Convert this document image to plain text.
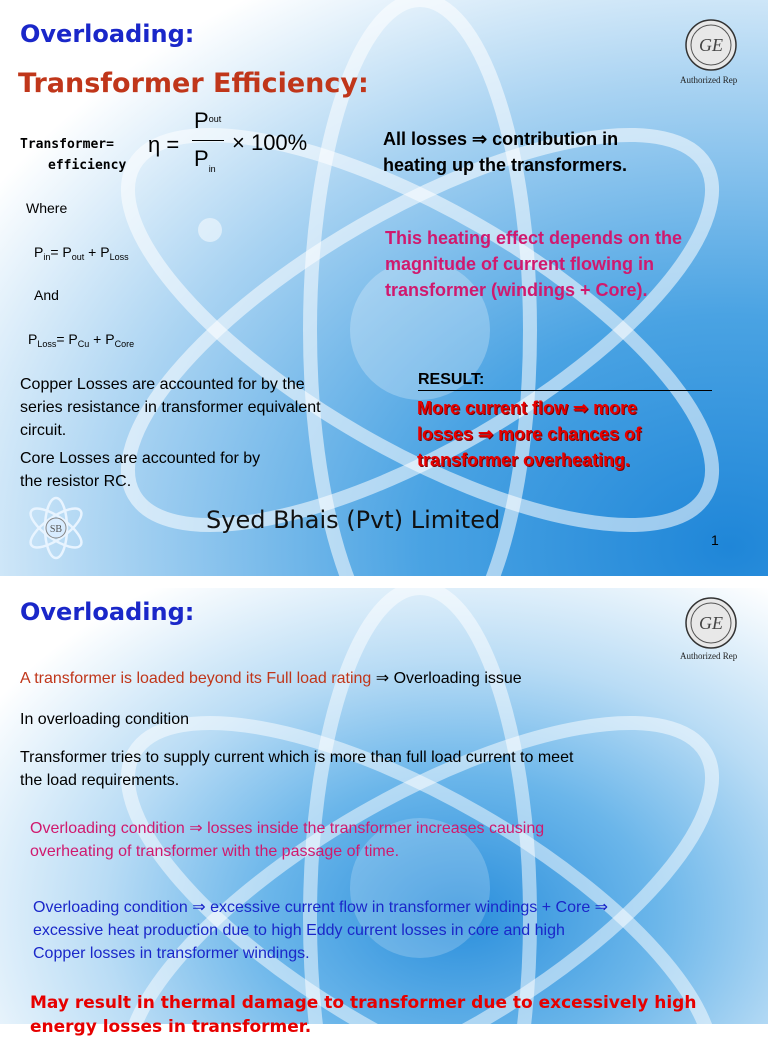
Overloading:
Transformer Efficiency:
GE
Authorized Rep
Transformer=
efficiency
η =
$P^{out}$
$P_{in}$
× 100%
Where
$P_{in}= P_{out} + P_{Loss}$
And
$P_{Loss}= P_{Cu} + P_{Core}$
Copper Losses are accounted for by the
series resistance in transformer equivalent
circuit.
Core Losses are accounted for by
the resistor RC.
All losses ⇒ contribution in
heating up the transformers.
This heating effect depends on the
magnitude of current flowing in
transformer (windings + Core).
RESULT:
More current flow ⇒ more
losses ⇒ more chances of
transformer overheating.
SB	Syed Bhais (Pvt) Limited
1
Overloading:	GE
Authorized Rep
A transformer is loaded beyond its Full load rating ⇒ Overloading issue
In overloading condition
Transformer tries to supply current which is more than full load current to meet
the load requirements.
Overloading condition ⇒ losses inside the transformer increases causing
overheating of transformer with the passage of time.
Overloading condition ⇒ excessive current flow in transformer windings + Core ⇒
excessive heat production due to high Eddy current losses in core and high
Copper losses in transformer windings.
May result in thermal damage to transformer due to excessively high
energy losses in transformer.
